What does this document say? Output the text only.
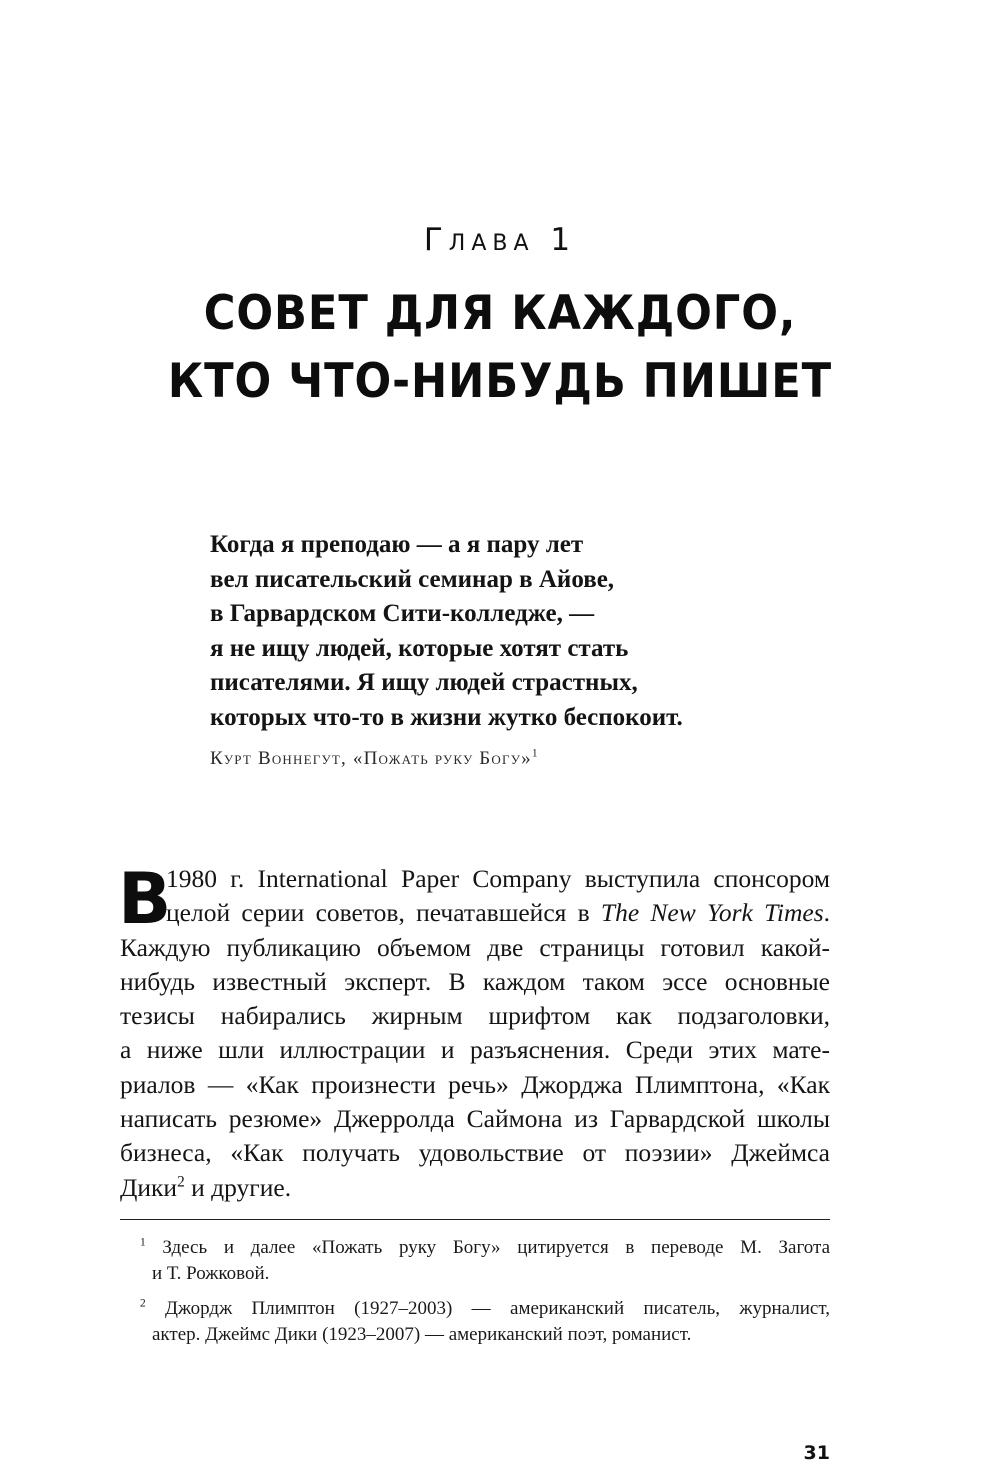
Глава 1
СОВЕТ ДЛЯ КАЖДОГО,
КТО ЧТО-НИБУДЬ ПИШЕТ
Когда я преподаю — а я пару лет
вел писательский семинар в Айове,
в Гарвардском Сити-колледже, —
я не ищу людей, которые хотят стать
писателями. Я ищу людей страстных,
которых что-то в жизни жутко беспокоит.
Курт Воннегут, «Пожать руку Богу»$^1$
В
1980 г. International Paper Company выступила спонсором
целой серии советов, печатавшейся в The New York Times.
Каждую публикацию объемом две страницы готовил какой-
нибудь известный эксперт. В каждом таком эссе основные
тезисы набирались жирным шрифтом как подзаголовки,
а ниже шли иллюстрации и разъяснения. Среди этих мате-
риалов — «Как произнести речь» Джорджа Плимптона, «Как
написать резюме» Джерролда Саймона из Гарвардской школы
бизнеса, «Как получать удовольствие от поэзии» Джеймса
Дики$^2$ и другие.
$^1$ Здесь и далее «Пожать руку Богу» цитируется в переводе М. Загота
и Т. Рожковой.
$^2$ Джордж Плимптон (1927–2003) — американский писатель, журналист,
актер. Джеймс Дики (1923–2007) — американский поэт, романист.
31
